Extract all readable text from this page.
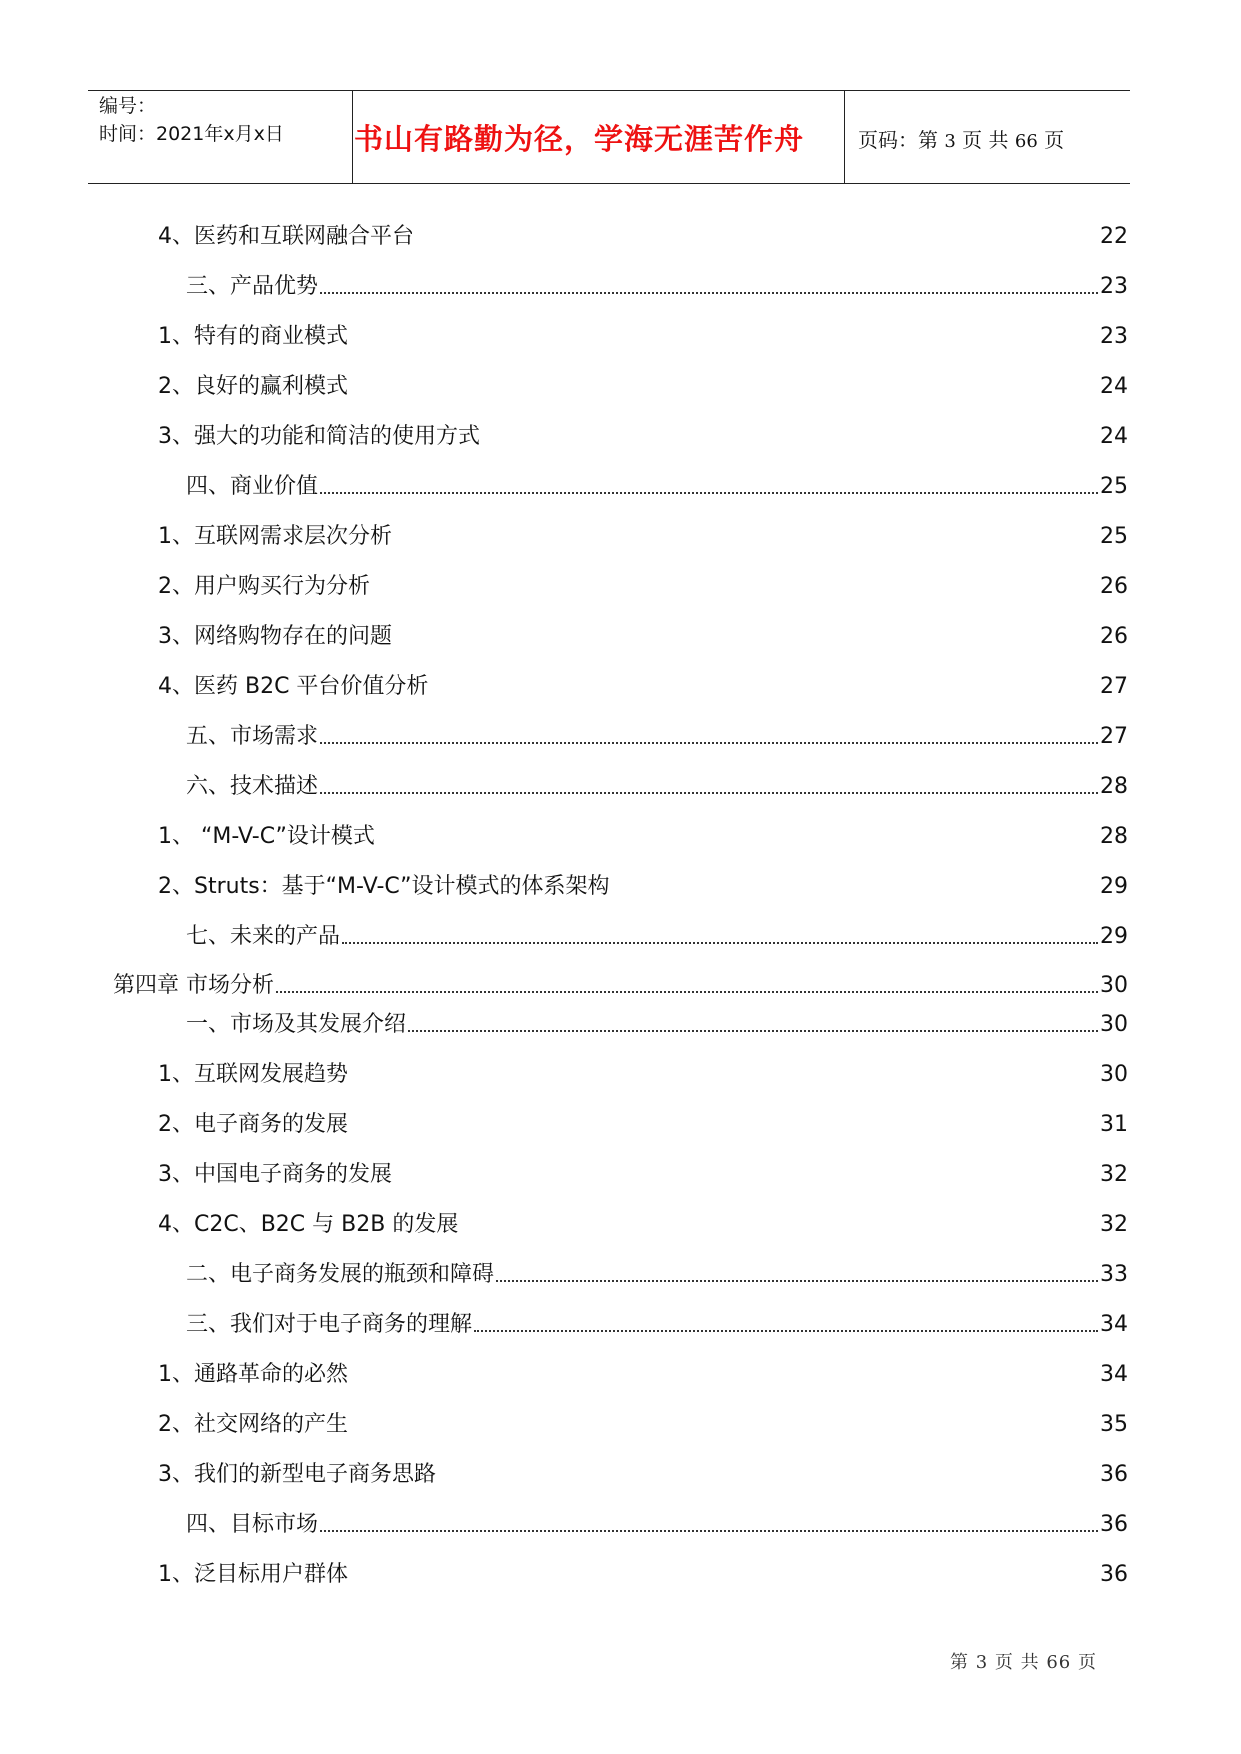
编号：
时间：2021年x月x日 书山有路勤为径，学海无涯苦作舟	页码：第 3 页 共 66 页
4、医药和互联网融合平台	22
三、产品优势	23
1、特有的商业模式	23
2、良好的赢利模式	24
3、强大的功能和简洁的使用方式	24
四、商业价值	25
1、互联网需求层次分析	25
2、用户购买行为分析	26
3、网络购物存在的问题	26
4、医药 B2C 平台价值分析	27
五、市场需求	27
六、技术描述	28
1、 “M-V-C”设计模式	28
2、Struts：基于“M-V-C”设计模式的体系架构	29
七、未来的产品	29
第四章 市场分析	30
一、市场及其发展介绍	30
1、互联网发展趋势	30
2、电子商务的发展	31
3、中国电子商务的发展	32
4、C2C、B2C 与 B2B 的发展	32
二、电子商务发展的瓶颈和障碍	33
三、我们对于电子商务的理解	34
1、通路革命的必然	34
2、社交网络的产生	35
3、我们的新型电子商务思路	36
四、目标市场	36
1、泛目标用户群体	36
第 3 页 共 66 页
